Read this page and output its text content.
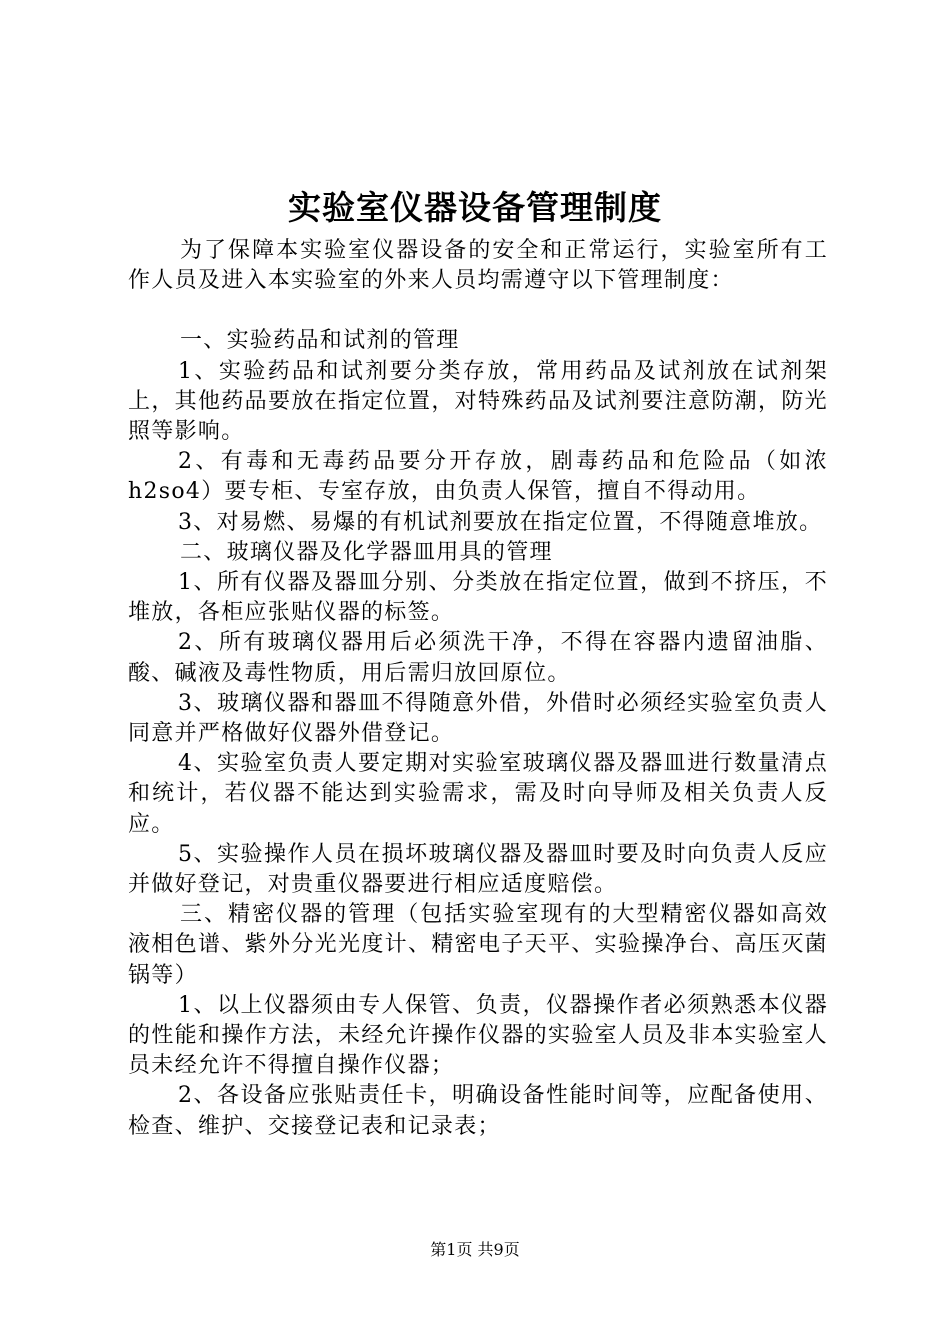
实验室仪器设备管理制度

为了保障本实验室仪器设备的安全和正常运行，实验室所有工作人员及进入本实验室的外来人员均需遵守以下管理制度：

一、实验药品和试剂的管理

1、实验药品和试剂要分类存放，常用药品及试剂放在试剂架上，其他药品要放在指定位置，对特殊药品及试剂要注意防潮，防光照等影响。

2、有毒和无毒药品要分开存放，剧毒药品和危险品（如浓h2so4）要专柜、专室存放，由负责人保管，擅自不得动用。

3、对易燃、易爆的有机试剂要放在指定位置，不得随意堆放。

二、玻璃仪器及化学器皿用具的管理

1、所有仪器及器皿分别、分类放在指定位置，做到不挤压，不堆放，各柜应张贴仪器的标签。

2、所有玻璃仪器用后必须洗干净，不得在容器内遗留油脂、酸、碱液及毒性物质，用后需归放回原位。

3、玻璃仪器和器皿不得随意外借，外借时必须经实验室负责人同意并严格做好仪器外借登记。

4、实验室负责人要定期对实验室玻璃仪器及器皿进行数量清点和统计，若仪器不能达到实验需求，需及时向导师及相关负责人反应。

5、实验操作人员在损坏玻璃仪器及器皿时要及时向负责人反应并做好登记，对贵重仪器要进行相应适度赔偿。

三、精密仪器的管理（包括实验室现有的大型精密仪器如高效液相色谱、紫外分光光度计、精密电子天平、实验操净台、高压灭菌锅等）

1、以上仪器须由专人保管、负责，仪器操作者必须熟悉本仪器的性能和操作方法，未经允许操作仪器的实验室人员及非本实验室人员未经允许不得擅自操作仪器；

2、各设备应张贴责任卡，明确设备性能时间等，应配备使用、检查、维护、交接登记表和记录表；

第1页 共9页
